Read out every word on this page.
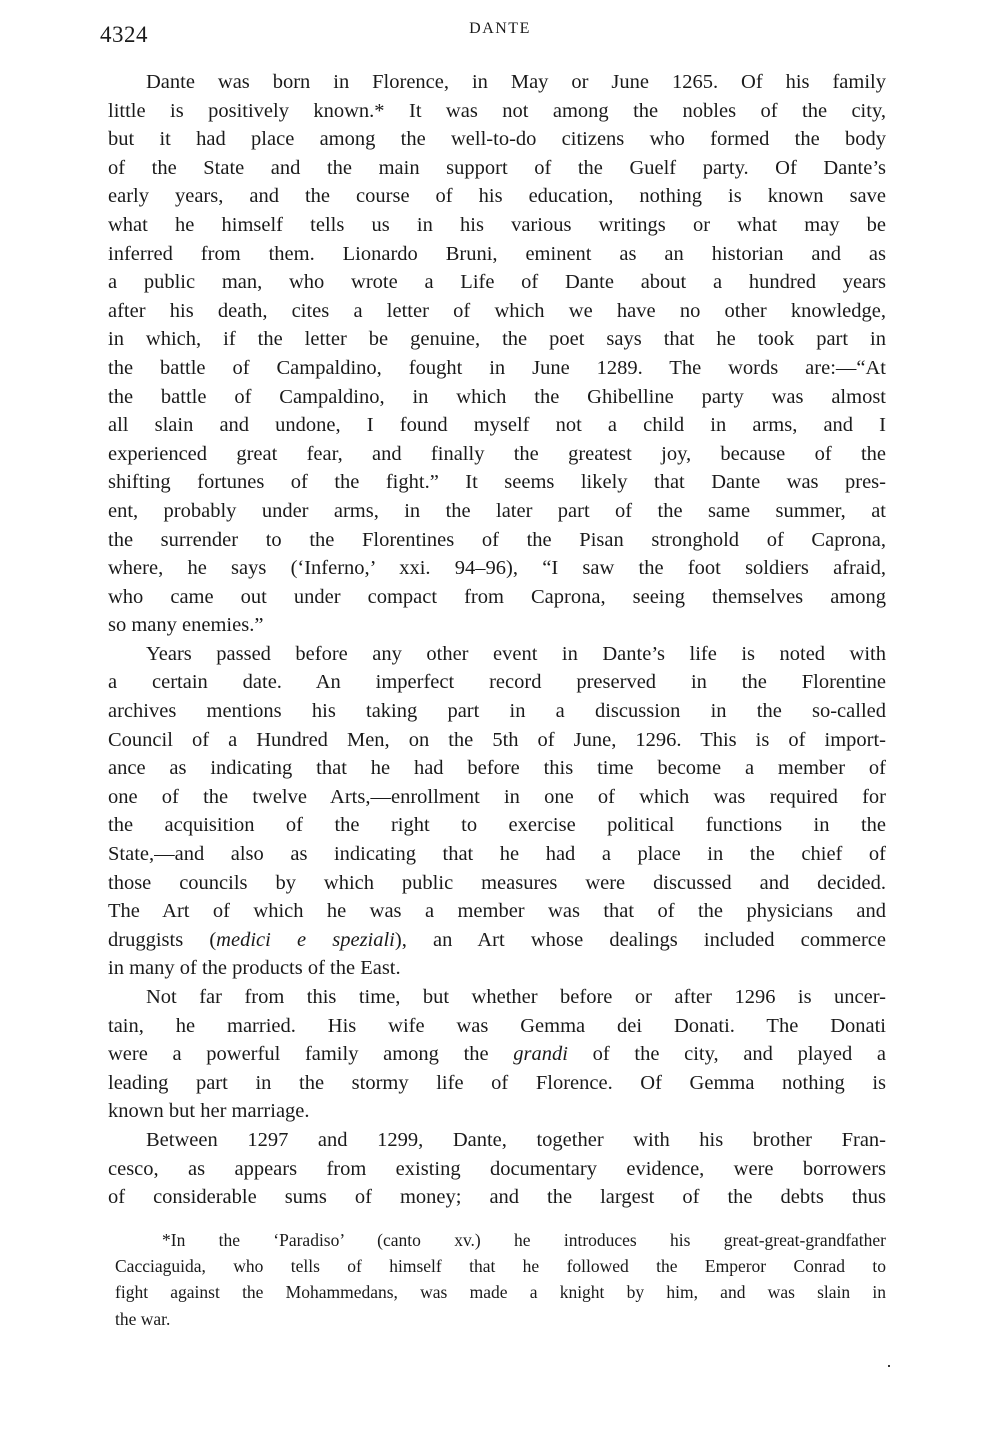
4324	DANTE
Dante was born in Florence, in May or June 1265. Of his family
little is positively known.* It was not among the nobles of the city,
but it had place among the well-to-do citizens who formed the body
of the State and the main support of the Guelf party. Of Dante’s
early years, and the course of his education, nothing is known save
what he himself tells us in his various writings or what may be
inferred from them. Lionardo Bruni, eminent as an historian and as
a public man, who wrote a Life of Dante about a hundred years
after his death, cites a letter of which we have no other knowledge,
in which, if the letter be genuine, the poet says that he took part in
the battle of Campaldino, fought in June 1289. The words are:—“At
the battle of Campaldino, in which the Ghibelline party was almost
all slain and undone, I found myself not a child in arms, and I
experienced great fear, and finally the greatest joy, because of the
shifting fortunes of the fight.” It seems likely that Dante was pres-
ent, probably under arms, in the later part of the same summer, at
the surrender to the Florentines of the Pisan stronghold of Caprona,
where, he says (‘Inferno,’ xxi. 94–96), “I saw the foot soldiers afraid,
who came out under compact from Caprona, seeing themselves among
so many enemies.”
Years passed before any other event in Dante’s life is noted with
a certain date. An imperfect record preserved in the Florentine
archives mentions his taking part in a discussion in the so-called
Council of a Hundred Men, on the 5th of June, 1296. This is of import-
ance as indicating that he had before this time become a member of
one of the twelve Arts,—enrollment in one of which was required for
the acquisition of the right to exercise political functions in the
State,—and also as indicating that he had a place in the chief of
those councils by which public measures were discussed and decided.
The Art of which he was a member was that of the physicians and
druggists (medici e speziali), an Art whose dealings included commerce
in many of the products of the East.
Not far from this time, but whether before or after 1296 is uncer-
tain, he married. His wife was Gemma dei Donati. The Donati
were a powerful family among the grandi of the city, and played a
leading part in the stormy life of Florence. Of Gemma nothing is
known but her marriage.
Between 1297 and 1299, Dante, together with his brother Fran-
cesco, as appears from existing documentary evidence, were borrowers
of considerable sums of money; and the largest of the debts thus
*In the ‘Paradiso’ (canto xv.) he introduces his great-great-grandfather
Cacciaguida, who tells of himself that he followed the Emperor Conrad to
fight against the Mohammedans, was made a knight by him, and was slain in
the war.
